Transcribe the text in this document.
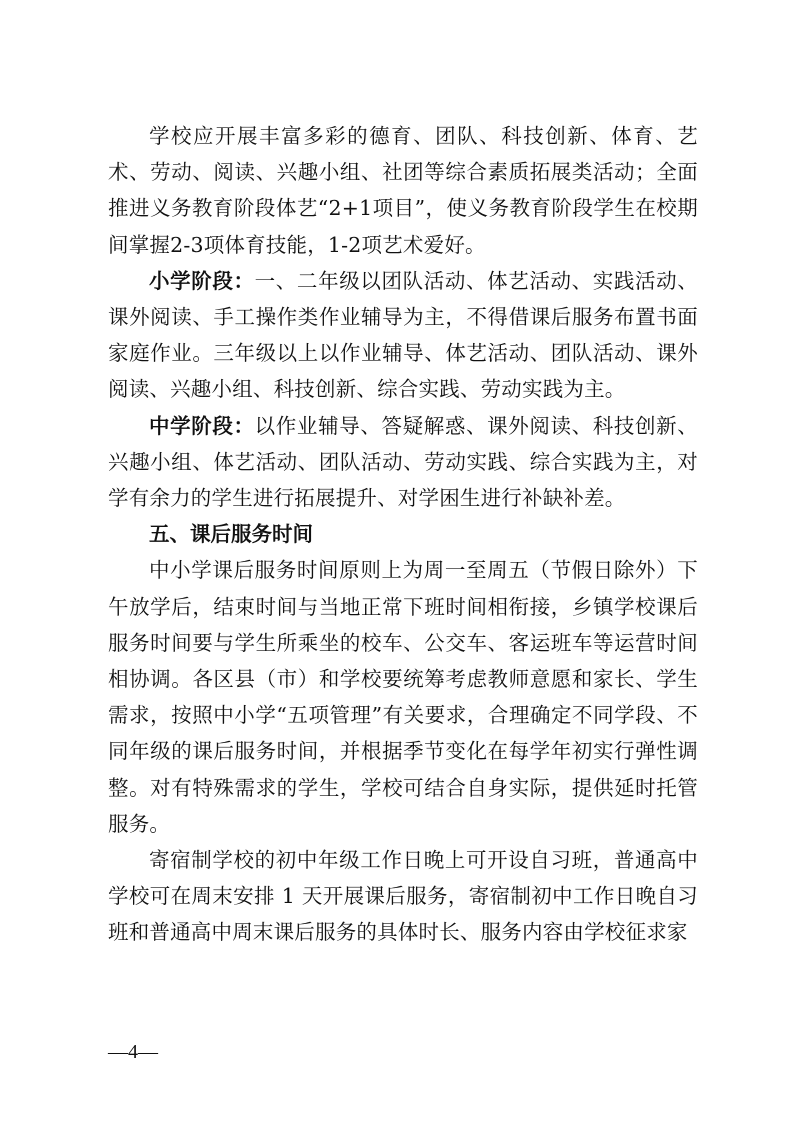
学校应开展丰富多彩的德育、团队、科技创新、体育、艺术、劳动、阅读、兴趣小组、社团等综合素质拓展类活动；全面推进义务教育阶段体艺“2+1项目”，使义务教育阶段学生在校期间掌握2-3项体育技能，1-2项艺术爱好。

小学阶段：一、二年级以团队活动、体艺活动、实践活动、课外阅读、手工操作类作业辅导为主，不得借课后服务布置书面家庭作业。三年级以上以作业辅导、体艺活动、团队活动、课外阅读、兴趣小组、科技创新、综合实践、劳动实践为主。

中学阶段：以作业辅导、答疑解惑、课外阅读、科技创新、兴趣小组、体艺活动、团队活动、劳动实践、综合实践为主，对学有余力的学生进行拓展提升、对学困生进行补缺补差。

五、课后服务时间

中小学课后服务时间原则上为周一至周五（节假日除外）下午放学后，结束时间与当地正常下班时间相衔接，乡镇学校课后服务时间要与学生所乘坐的校车、公交车、客运班车等运营时间相协调。各区县（市）和学校要统筹考虑教师意愿和家长、学生需求，按照中小学“五项管理”有关要求，合理确定不同学段、不同年级的课后服务时间，并根据季节变化在每学年初实行弹性调整。对有特殊需求的学生，学校可结合自身实际，提供延时托管服务。

寄宿制学校的初中年级工作日晚上可开设自习班，普通高中学校可在周末安排 1 天开展课后服务，寄宿制初中工作日晚自习班和普通高中周末课后服务的具体时长、服务内容由学校征求家

—4—
